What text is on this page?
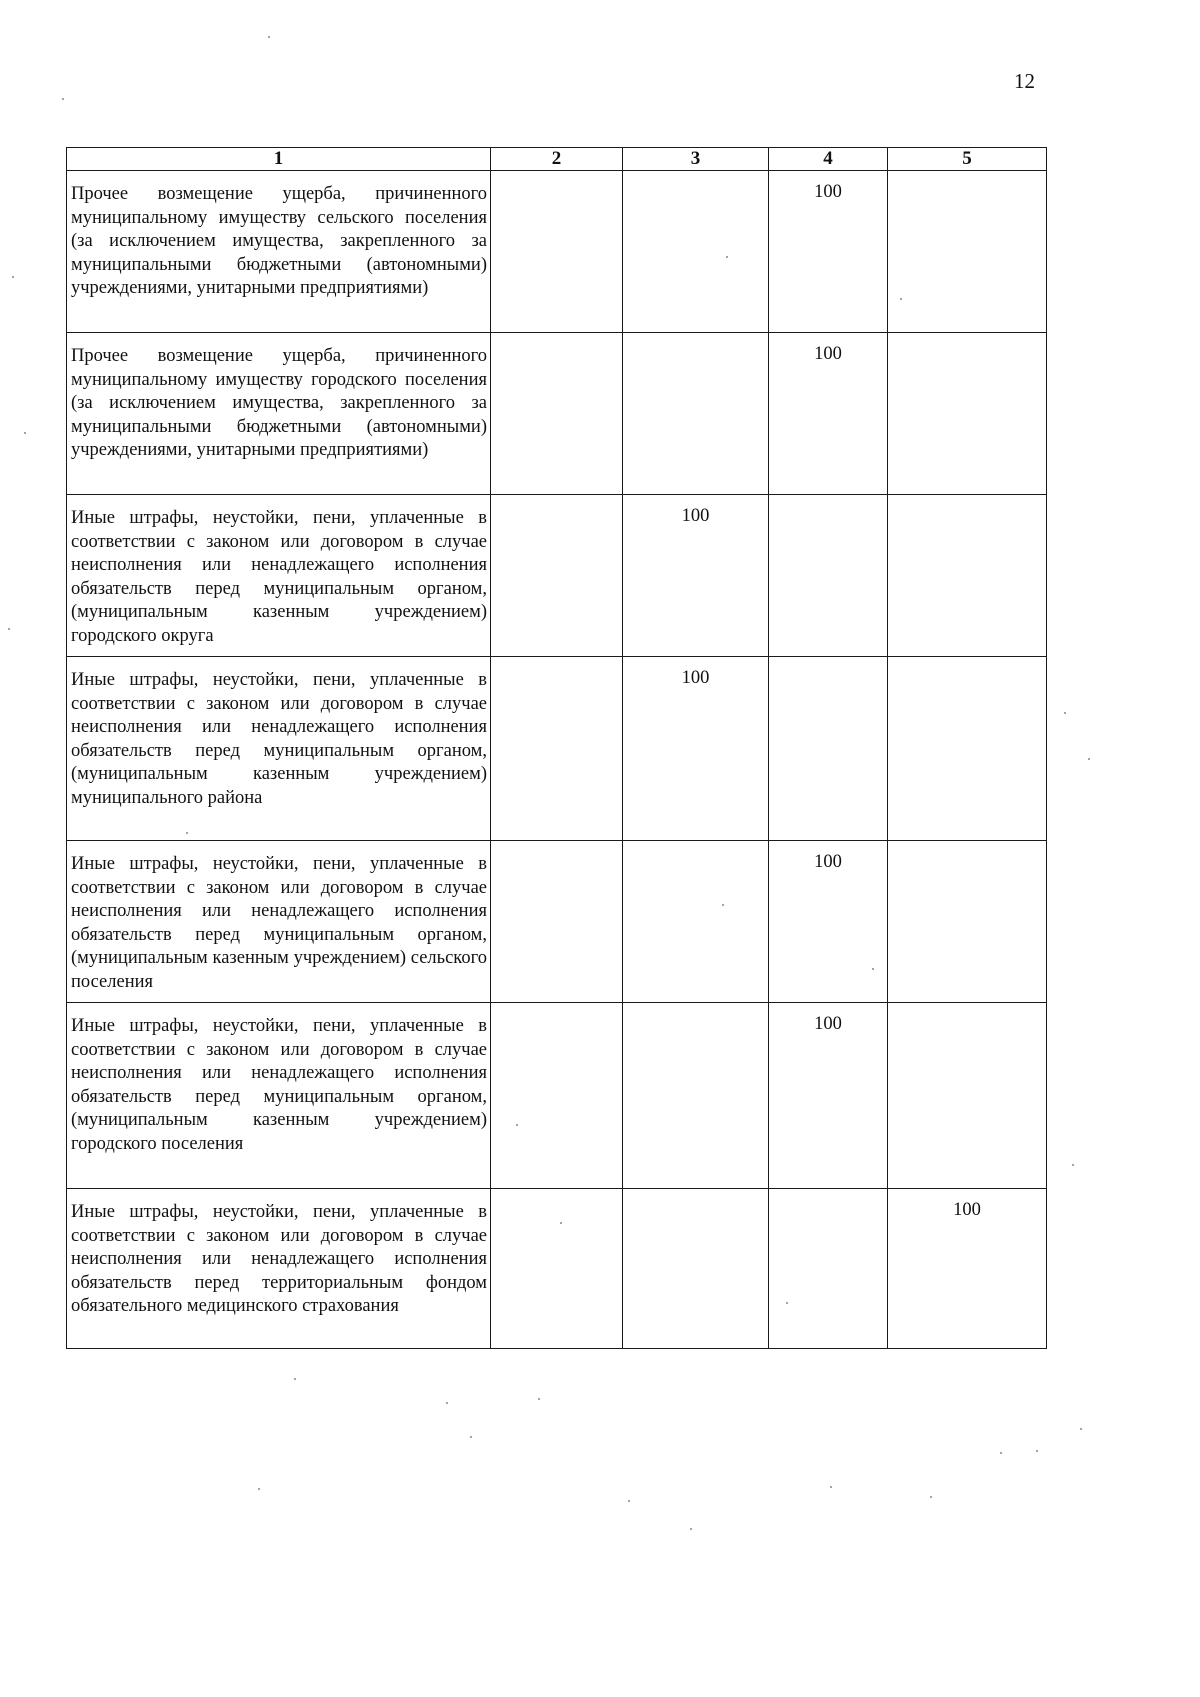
12
1	2	3	4	5
Прочее возмещение ущерба, причиненного муниципальному имуществу сельского поселения (за исключением имущества, закрепленного за муниципальными бюджетными (автономными) учреждениями, унитарными предприятиями)			100	
Прочее возмещение ущерба, причиненного муниципальному имуществу городского поселения (за исключением имущества, закрепленного за муниципальными бюджетными (автономными) учреждениями, унитарными предприятиями)			100	
Иные штрафы, неустойки, пени, уплаченные в соответствии с законом или договором в случае неисполнения или ненадлежащего исполнения обязательств перед муниципальным органом, (муниципальным казенным учреждением) городского округа		100		
Иные штрафы, неустойки, пени, уплаченные в соответствии с законом или договором в случае неисполнения или ненадлежащего исполнения обязательств перед муниципальным органом, (муниципальным казенным учреждением) муниципального района		100		
Иные штрафы, неустойки, пени, уплаченные в соответствии с законом или договором в случае неисполнения или ненадлежащего исполнения обязательств перед муниципальным органом, (муниципальным казенным учреждением) сельского поселения			100	
Иные штрафы, неустойки, пени, уплаченные в соответствии с законом или договором в случае неисполнения или ненадлежащего исполнения обязательств перед муниципальным органом, (муниципальным казенным учреждением) городского поселения			100	
Иные штрафы, неустойки, пени, уплаченные в соответствии с законом или договором в случае неисполнения или ненадлежащего исполнения обязательств перед территориальным фондом обязательного медицинского страхования				100
